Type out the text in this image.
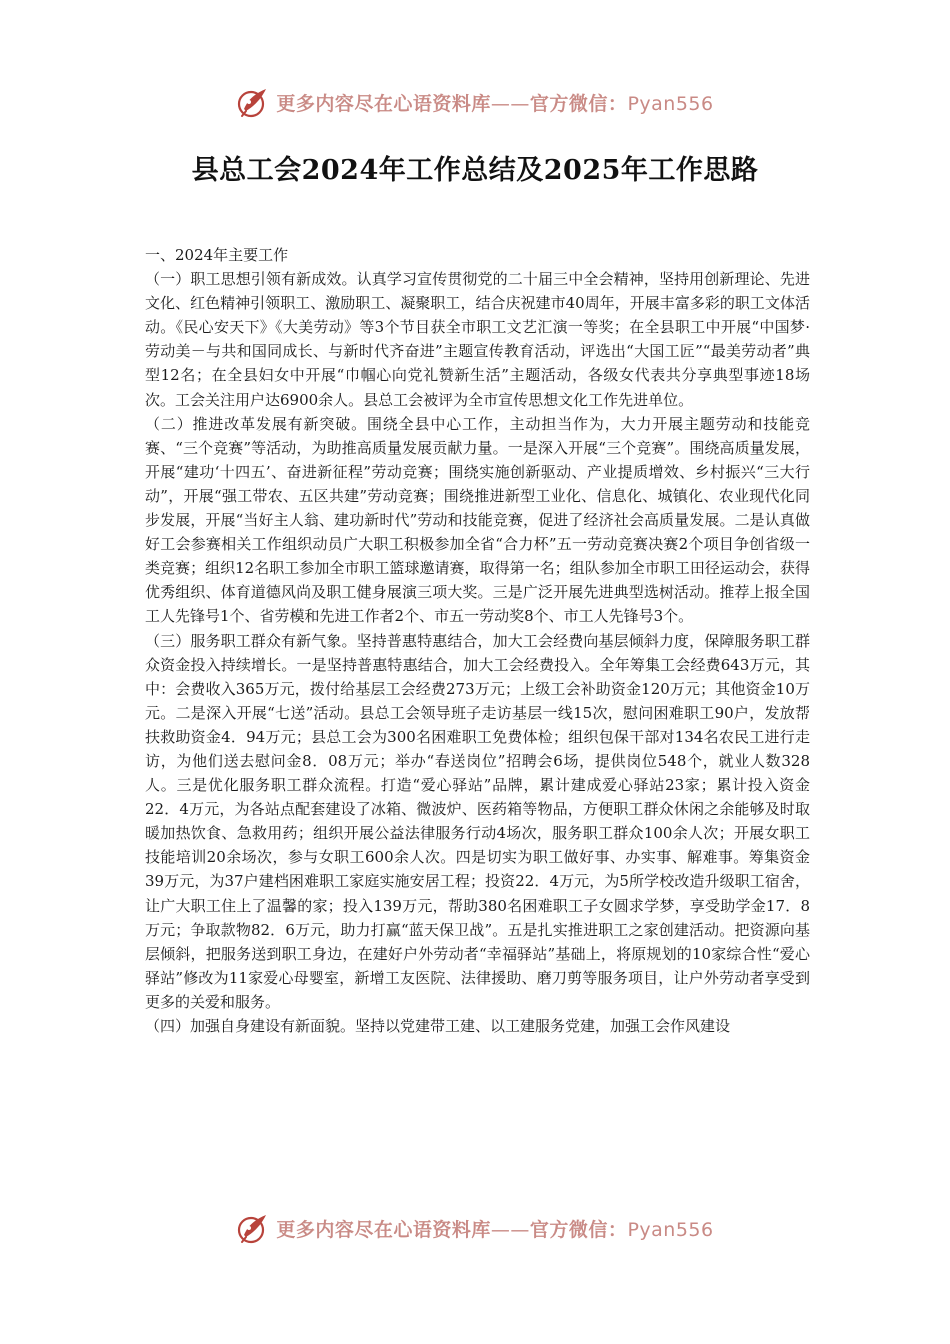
更多内容尽在心语资料库——官方微信：Pyan556
县总工会2024年工作总结及2025年工作思路

一、2024年主要工作

（一）职工思想引领有新成效。认真学习宣传贯彻党的二十届三中全会精神，坚持用创新理论、先进文化、红色精神引领职工、激励职工、凝聚职工，结合庆祝建市40周年，开展丰富多彩的职工文体活动。《民心安天下》《大美劳动》等3个节目获全市职工文艺汇演一等奖；在全县职工中开展“中国梦·劳动美－与共和国同成长、与新时代齐奋进”主题宣传教育活动，评选出“大国工匠”“最美劳动者”典型12名；在全县妇女中开展“巾帼心向党礼赞新生活”主题活动，各级女代表共分享典型事迹18场次。工会关注用户达6900余人。县总工会被评为全市宣传思想文化工作先进单位。

（二）推进改革发展有新突破。围绕全县中心工作，主动担当作为，大力开展主题劳动和技能竞赛、“三个竞赛”等活动，为助推高质量发展贡献力量。一是深入开展“三个竞赛”。围绕高质量发展，开展“建功‘十四五’、奋进新征程”劳动竞赛；围绕实施创新驱动、产业提质增效、乡村振兴“三大行动”，开展“强工带农、五区共建”劳动竞赛；围绕推进新型工业化、信息化、城镇化、农业现代化同步发展，开展“当好主人翁、建功新时代”劳动和技能竞赛，促进了经济社会高质量发展。二是认真做好工会参赛相关工作组织动员广大职工积极参加全省“合力杯”五一劳动竞赛决赛2个项目争创省级一类竞赛；组织12名职工参加全市职工篮球邀请赛，取得第一名；组队参加全市职工田径运动会，获得优秀组织、体育道德风尚及职工健身展演三项大奖。三是广泛开展先进典型选树活动。推荐上报全国工人先锋号1个、省劳模和先进工作者2个、市五一劳动奖8个、市工人先锋号3个。

（三）服务职工群众有新气象。坚持普惠特惠结合，加大工会经费向基层倾斜力度，保障服务职工群众资金投入持续增长。一是坚持普惠特惠结合，加大工会经费投入。全年筹集工会经费643万元，其中：会费收入365万元，拨付给基层工会经费273万元；上级工会补助资金120万元；其他资金10万元。二是深入开展“七送”活动。县总工会领导班子走访基层一线15次，慰问困难职工90户，发放帮扶救助资金4．94万元；县总工会为300名困难职工免费体检；组织包保干部对134名农民工进行走访，为他们送去慰问金8．08万元；举办“春送岗位”招聘会6场，提供岗位548个，就业人数328人。三是优化服务职工群众流程。打造“爱心驿站”品牌，累计建成爱心驿站23家；累计投入资金22．4万元，为各站点配套建设了冰箱、微波炉、医药箱等物品，方便职工群众休闲之余能够及时取暖加热饮食、急救用药；组织开展公益法律服务行动4场次，服务职工群众100余人次；开展女职工技能培训20余场次，参与女职工600余人次。四是切实为职工做好事、办实事、解难事。筹集资金39万元，为37户建档困难职工家庭实施安居工程；投资22．4万元，为5所学校改造升级职工宿舍，让广大职工住上了温馨的家；投入139万元，帮助380名困难职工子女圆求学梦，享受助学金17．8万元；争取款物82．6万元，助力打赢“蓝天保卫战”。五是扎实推进职工之家创建活动。把资源向基层倾斜，把服务送到职工身边，在建好户外劳动者“幸福驿站”基础上，将原规划的10家综合性“爱心驿站”修改为11家爱心母婴室，新增工友医院、法律援助、磨刀剪等服务项目，让户外劳动者享受到更多的关爱和服务。

（四）加强自身建设有新面貌。坚持以党建带工建、以工建服务党建，加强工会作风建设

更多内容尽在心语资料库——官方微信：Pyan556
